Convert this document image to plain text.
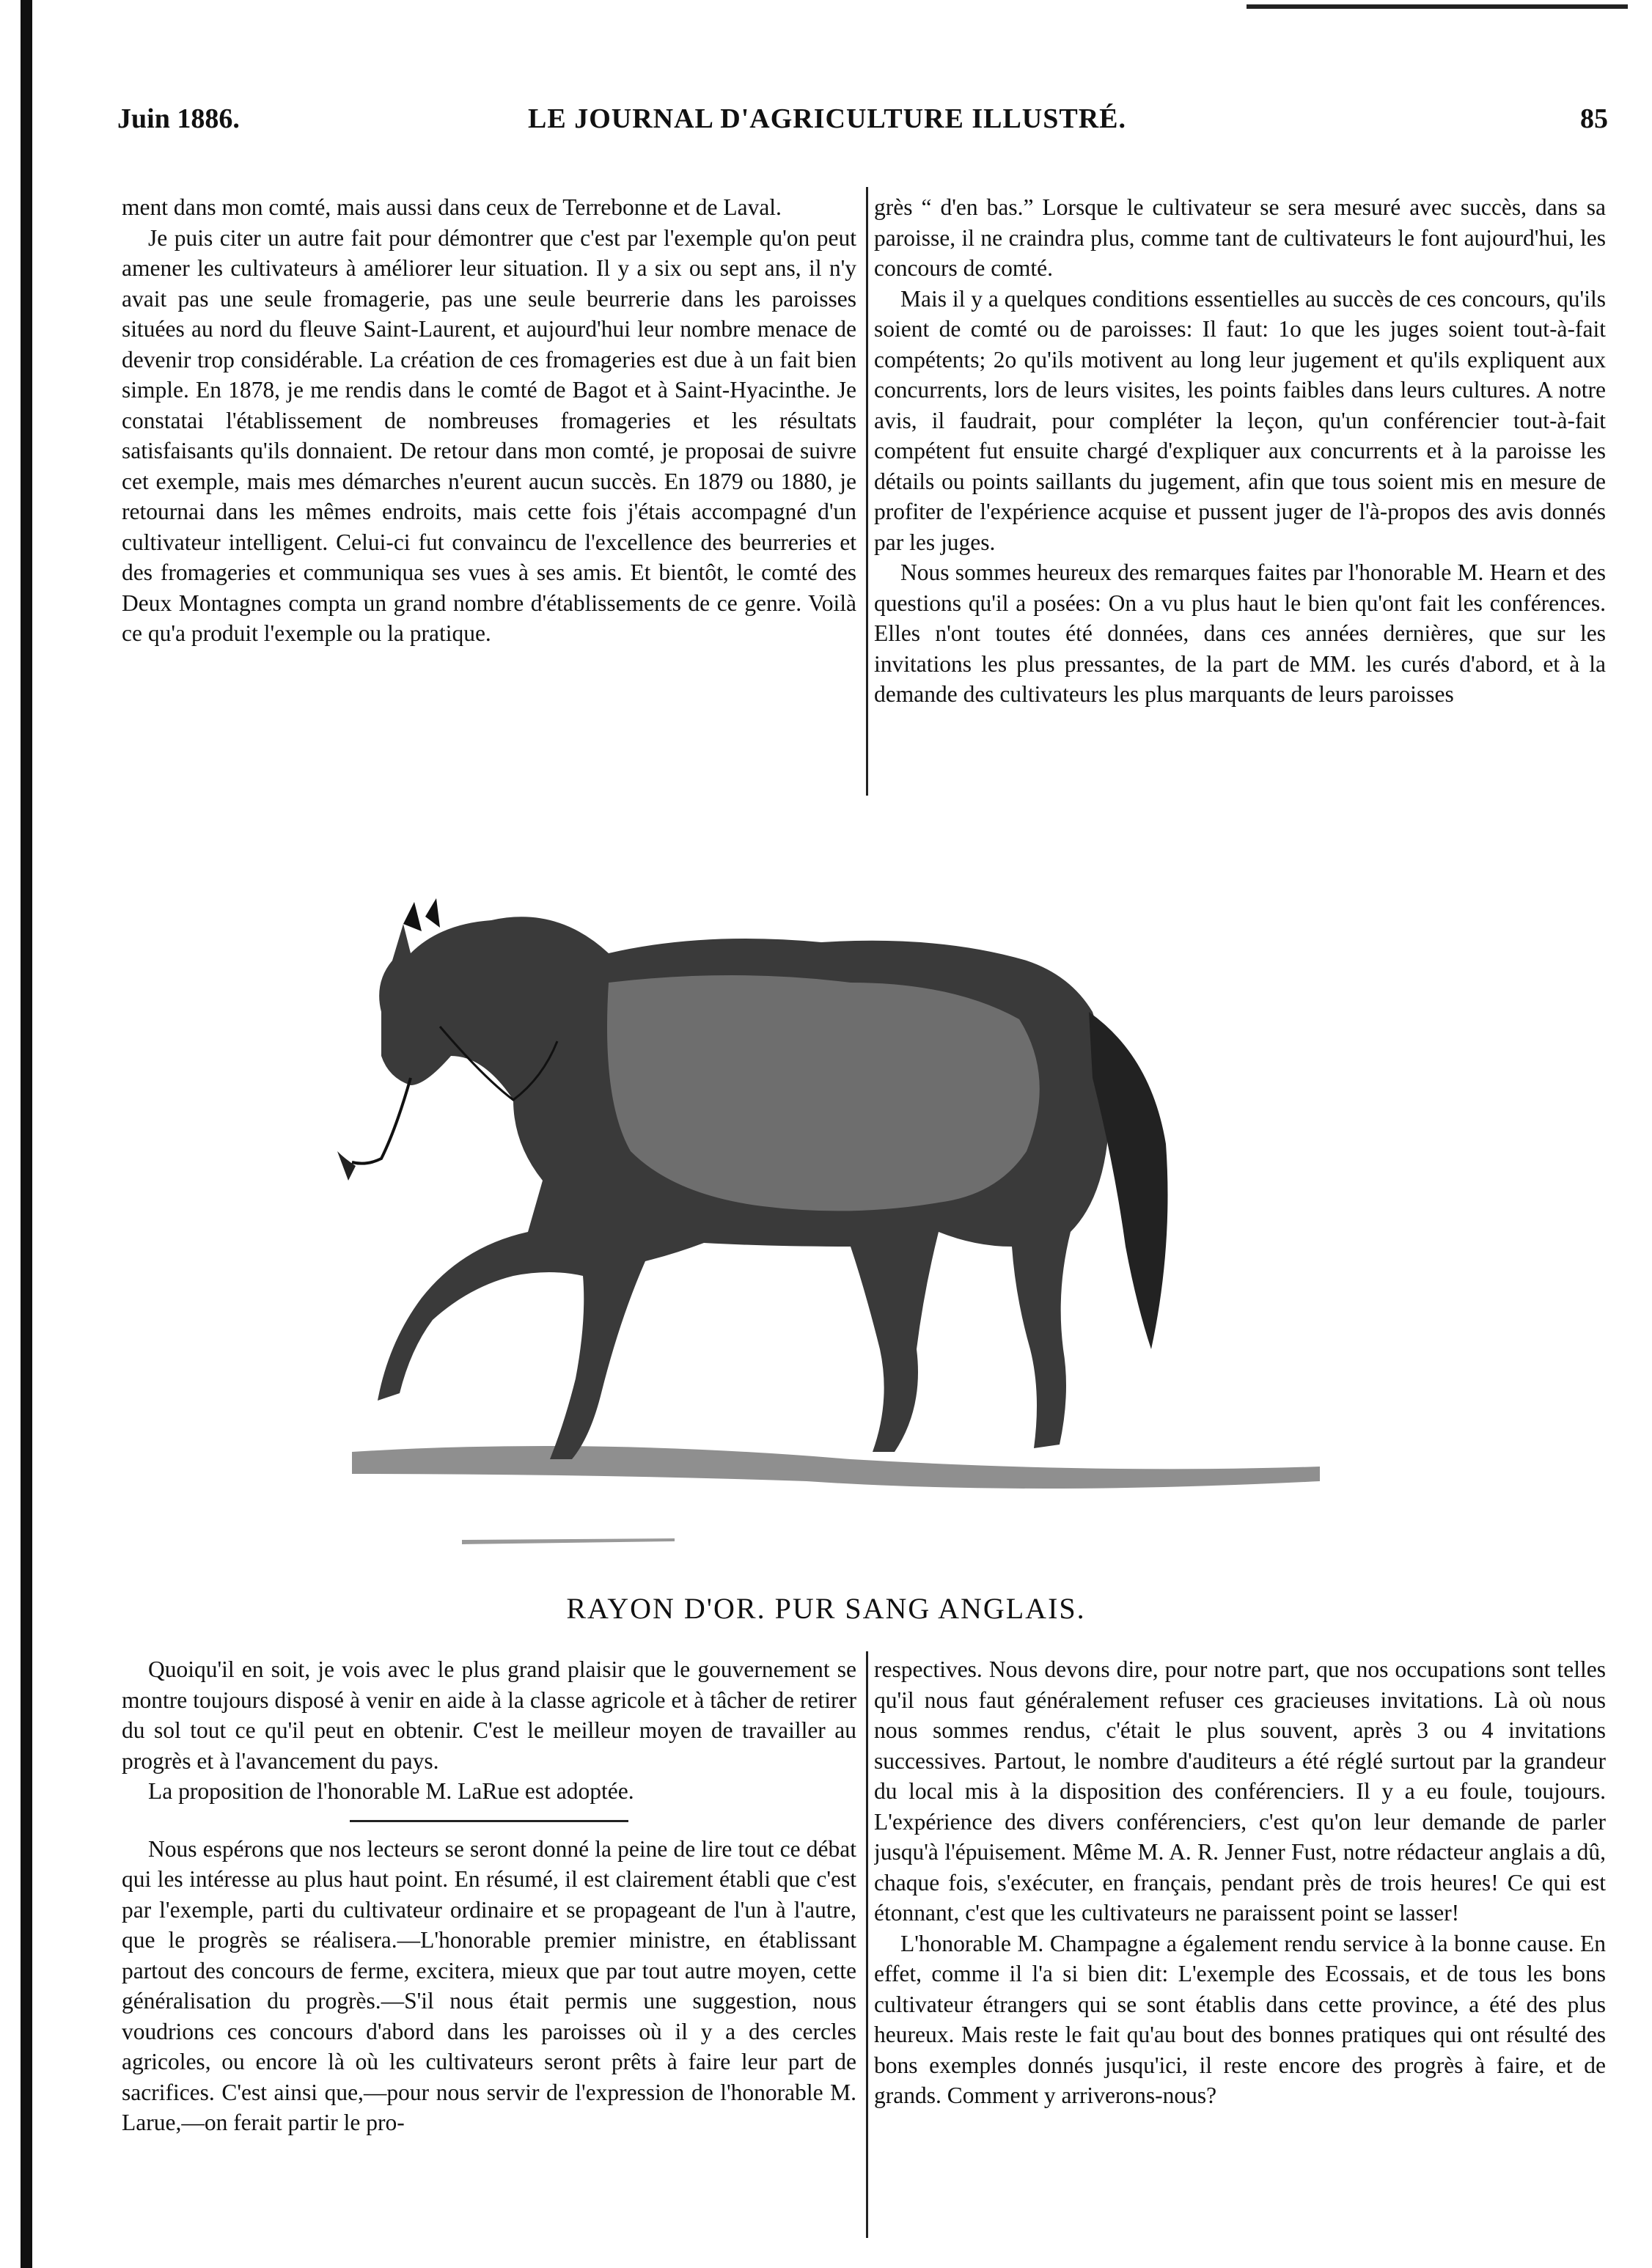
Juin 1886.	LE JOURNAL D'AGRICULTURE ILLUSTRÉ.	85

ment dans mon comté, mais aussi dans ceux de Terrebonne et de Laval.

Je puis citer un autre fait pour démontrer que c'est par l'exemple qu'on peut amener les cultivateurs à améliorer leur situation. Il y a six ou sept ans, il n'y avait pas une seule fromagerie, pas une seule beurrerie dans les paroisses situées au nord du fleuve Saint-Laurent, et aujourd'hui leur nombre menace de devenir trop considérable. La création de ces fromageries est due à un fait bien simple. En 1878, je me rendis dans le comté de Bagot et à Saint-Hyacinthe. Je constatai l'établissement de nombreuses fromageries et les résultats satisfaisants qu'ils donnaient. De retour dans mon comté, je proposai de suivre cet exemple, mais mes démarches n'eurent aucun succès. En 1879 ou 1880, je retournai dans les mêmes endroits, mais cette fois j'étais accompagné d'un cultivateur intelligent. Celui-ci fut convaincu de l'excellence des beurreries et des fromageries et communiqua ses vues à ses amis. Et bientôt, le comté des Deux Montagnes compta un grand nombre d'établissements de ce genre. Voilà ce qu'a produit l'exemple ou la pratique.

grès “ d'en bas.” Lorsque le cultivateur se sera mesuré avec succès, dans sa paroisse, il ne craindra plus, comme tant de cultivateurs le font aujourd'hui, les concours de comté.

Mais il y a quelques conditions essentielles au succès de ces concours, qu'ils soient de comté ou de paroisses: Il faut: 1o que les juges soient tout-à-fait compétents; 2o qu'ils motivent au long leur jugement et qu'ils expliquent aux concurrents, lors de leurs visites, les points faibles dans leurs cultures. A notre avis, il faudrait, pour compléter la leçon, qu'un conférencier tout-à-fait compétent fut ensuite chargé d'expliquer aux concurrents et à la paroisse les détails ou points saillants du jugement, afin que tous soient mis en mesure de profiter de l'expérience acquise et pussent juger de l'à-propos des avis donnés par les juges.

Nous sommes heureux des remarques faites par l'honorable M. Hearn et des questions qu'il a posées: On a vu plus haut le bien qu'ont fait les conférences. Elles n'ont toutes été données, dans ces années dernières, que sur les invitations les plus pressantes, de la part de MM. les curés d'abord, et à la demande des cultivateurs les plus marquants de leurs paroisses

RAYON D'OR. PUR SANG ANGLAIS.

Quoiqu'il en soit, je vois avec le plus grand plaisir que le gouvernement se montre toujours disposé à venir en aide à la classe agricole et à tâcher de retirer du sol tout ce qu'il peut en obtenir. C'est le meilleur moyen de travailler au progrès et à l'avancement du pays.

La proposition de l'honorable M. LaRue est adoptée.

Nous espérons que nos lecteurs se seront donné la peine de lire tout ce débat qui les intéresse au plus haut point. En résumé, il est clairement établi que c'est par l'exemple, parti du cultivateur ordinaire et se propageant de l'un à l'autre, que le progrès se réalisera.—L'honorable premier ministre, en établissant partout des concours de ferme, excitera, mieux que par tout autre moyen, cette généralisation du progrès.—S'il nous était permis une suggestion, nous voudrions ces concours d'abord dans les paroisses où il y a des cercles agricoles, ou encore là où les cultivateurs seront prêts à faire leur part de sacrifices. C'est ainsi que,—pour nous servir de l'expression de l'honorable M. Larue,—on ferait partir le pro-

respectives. Nous devons dire, pour notre part, que nos occupations sont telles qu'il nous faut généralement refuser ces gracieuses invitations. Là où nous nous sommes rendus, c'était le plus souvent, après 3 ou 4 invitations successives. Partout, le nombre d'auditeurs a été réglé surtout par la grandeur du local mis à la disposition des conférenciers. Il y a eu foule, toujours. L'expérience des divers conférenciers, c'est qu'on leur demande de parler jusqu'à l'épuisement. Même M. A. R. Jenner Fust, notre rédacteur anglais a dû, chaque fois, s'exécuter, en français, pendant près de trois heures! Ce qui est étonnant, c'est que les cultivateurs ne paraissent point se lasser!

L'honorable M. Champagne a également rendu service à la bonne cause. En effet, comme il l'a si bien dit: L'exemple des Ecossais, et de tous les bons cultivateur étrangers qui se sont établis dans cette province, a été des plus heureux. Mais reste le fait qu'au bout des bonnes pratiques qui ont résulté des bons exemples donnés jusqu'ici, il reste encore des progrès à faire, et de grands. Comment y arriverons-nous?
